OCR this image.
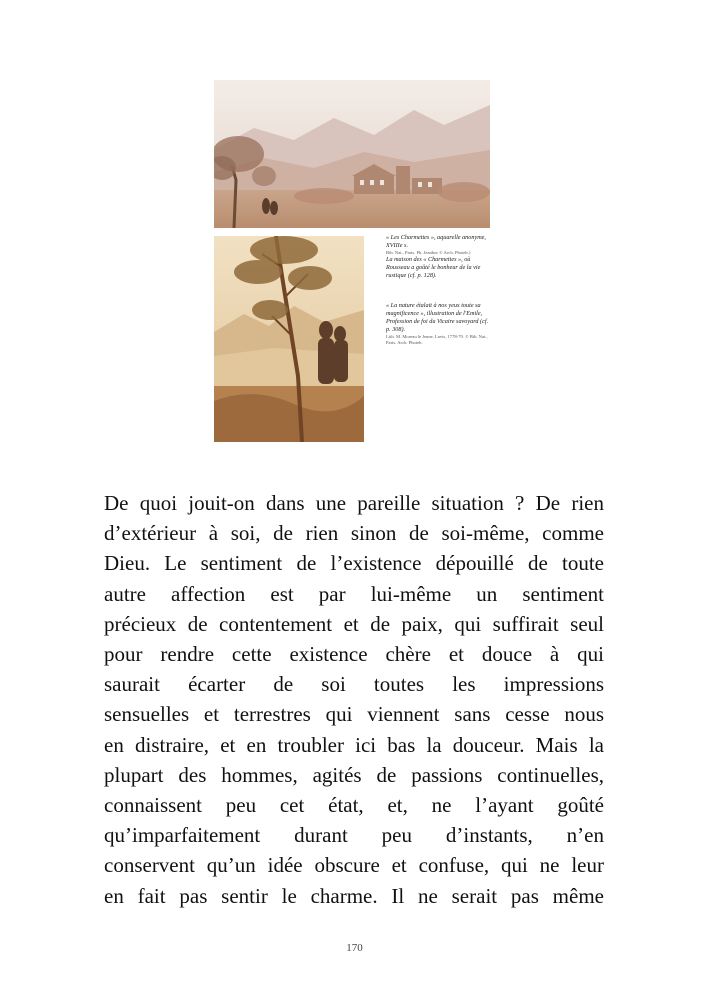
« Les Charmettes », aquarelle anonyme, XVIIIe s.

Bib. Nat., Paris. Ph. Jeanbor © Arch. Photeb.)

La maison des « Charmettes », où Rousseau a goûté le bonheur de la vie rustique (cf. p. 128).

« La nature étalait à nos yeux toute sa magnificence », illustration de l'Emile, Profession de foi du Vicaire savoyard (cf. p. 308).

Lith. M. Moreau le Jeune, Lavis, 1778-79. © Bib. Nat., Paris. Arch. Photeb.

De quoi jouit-on dans une pareille situation ? De rien
d’extérieur à soi, de rien sinon de soi-même, comme
Dieu. Le sentiment de l’existence dépouillé de toute
autre affection est par lui-même un sentiment
précieux de contentement et de paix, qui suffirait seul
pour rendre cette existence chère et douce à qui
saurait écarter de soi toutes les impressions
sensuelles et terrestres qui viennent sans cesse nous
en distraire, et en troubler ici bas la douceur. Mais la
plupart des hommes, agités de passions continuelles,
connaissent peu cet état, et, ne l’ayant goûté
qu’imparfaitement durant peu d’instants, n’en
conservent qu’un idée obscure et confuse, qui ne leur
en fait pas sentir le charme. Il ne serait pas même
170
